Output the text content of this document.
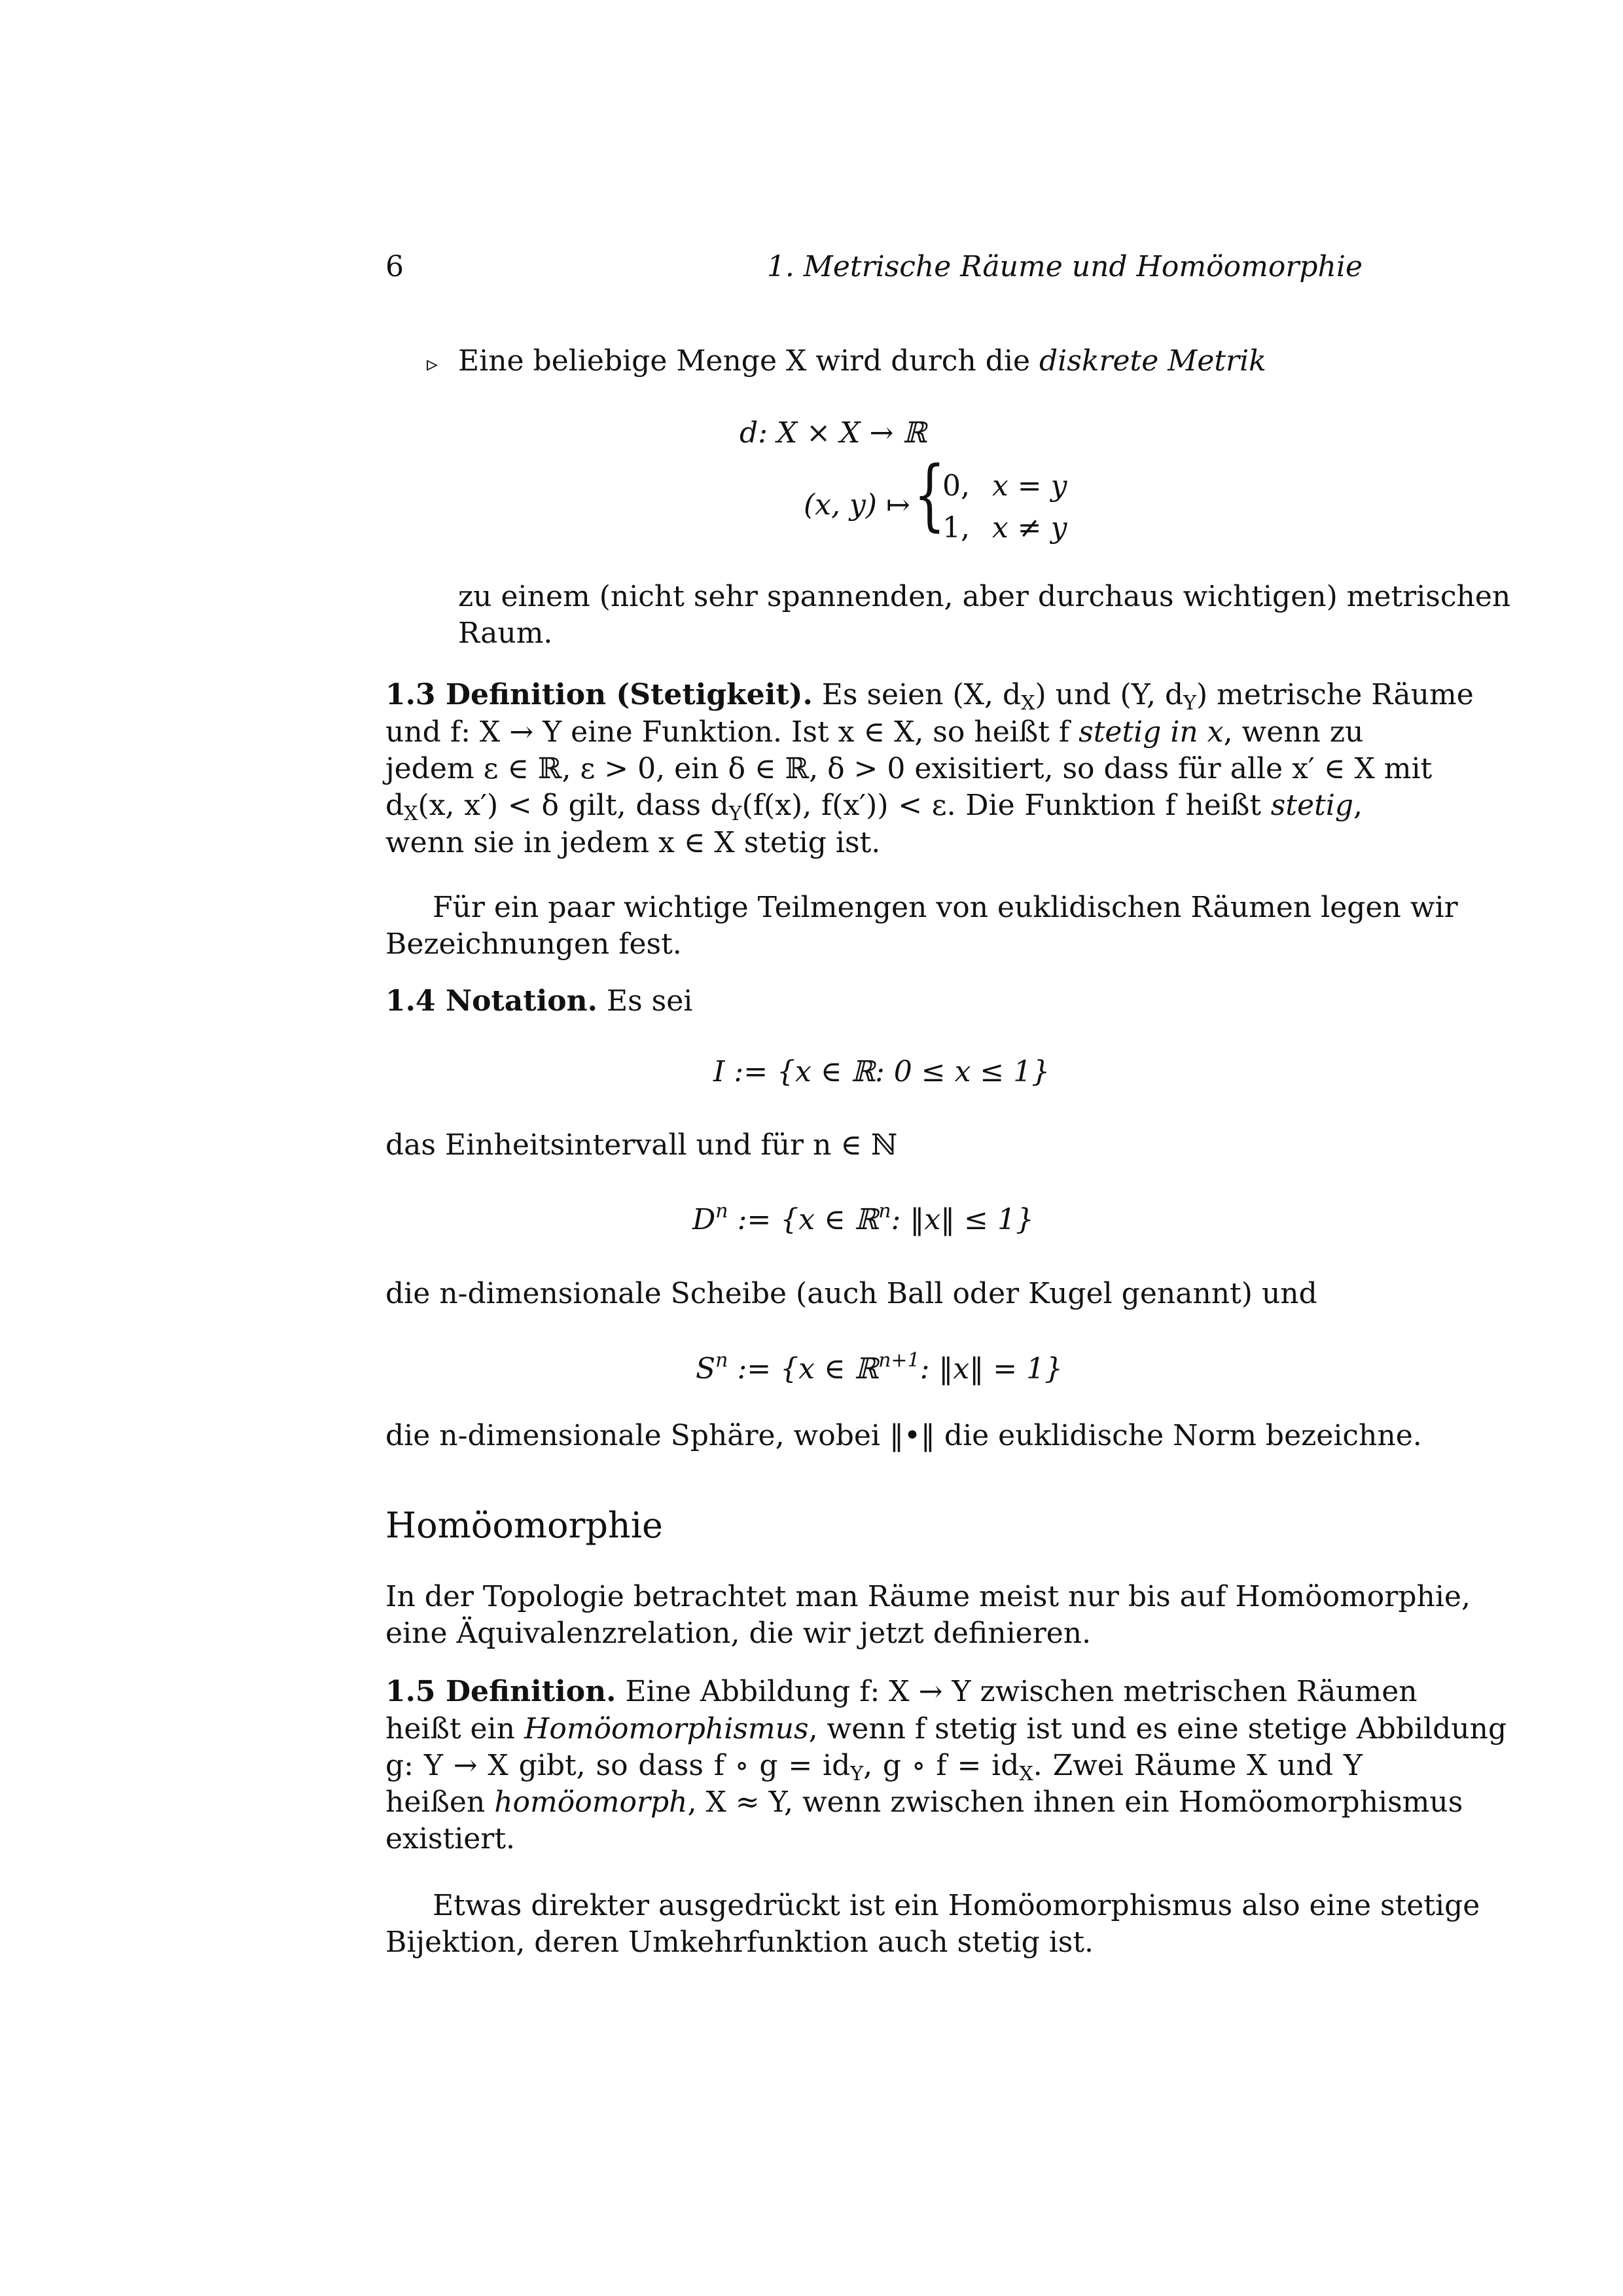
6	1. Metrische Räume und Homöomorphie
▹ Eine beliebige Menge X wird durch die diskrete Metrik
d: X × X → ℝ
(x, y) ↦ {
0, x = y
1, x ≠ y
zu einem (nicht sehr spannenden, aber durchaus wichtigen) metrischen
Raum.
1.3 Definition (Stetigkeit). Es seien (X, $d_X$) und (Y, $d_Y$) metrische Räume
und f: X → Y eine Funktion. Ist x ∈ X, so heißt f stetig in x, wenn zu
jedem ε ∈ ℝ, ε > 0, ein δ ∈ ℝ, δ > 0 exisitiert, so dass für alle x′ ∈ X mit
$d_X(x$, x′) < δ gilt, dass $d_Y(f(x)$, f(x′)) < ε. Die Funktion f heißt stetig,
wenn sie in jedem x ∈ X stetig ist.
Für ein paar wichtige Teilmengen von euklidischen Räumen legen wir
Bezeichnungen fest.
1.4 Notation. Es sei
I := {x ∈ ℝ: 0 ≤ x ≤ 1}
das Einheitsintervall und für n ∈ ℕ
$D^n$ := {x ∈ ℝ$^n$: ‖x‖ ≤ 1}
die n-dimensionale Scheibe (auch Ball oder Kugel genannt) und
$S^n$ := {x ∈ ℝ$^{n+1}$: ‖x‖ = 1}
die n-dimensionale Sphäre, wobei ‖•‖ die euklidische Norm bezeichne.
Homöomorphie
In der Topologie betrachtet man Räume meist nur bis auf Homöomorphie,
eine Äquivalenzrelation, die wir jetzt definieren.
1.5 Definition. Eine Abbildung f: X → Y zwischen metrischen Räumen
heißt ein Homöomorphismus, wenn f stetig ist und es eine stetige Abbildung
g: Y → X gibt, so dass f ∘ $g = id_Y$, g ∘ $f = id_X$. Zwei Räume X und Y
heißen homöomorph, X ≈ Y, wenn zwischen ihnen ein Homöomorphismus
existiert.
Etwas direkter ausgedrückt ist ein Homöomorphismus also eine stetige
Bijektion, deren Umkehrfunktion auch stetig ist.
